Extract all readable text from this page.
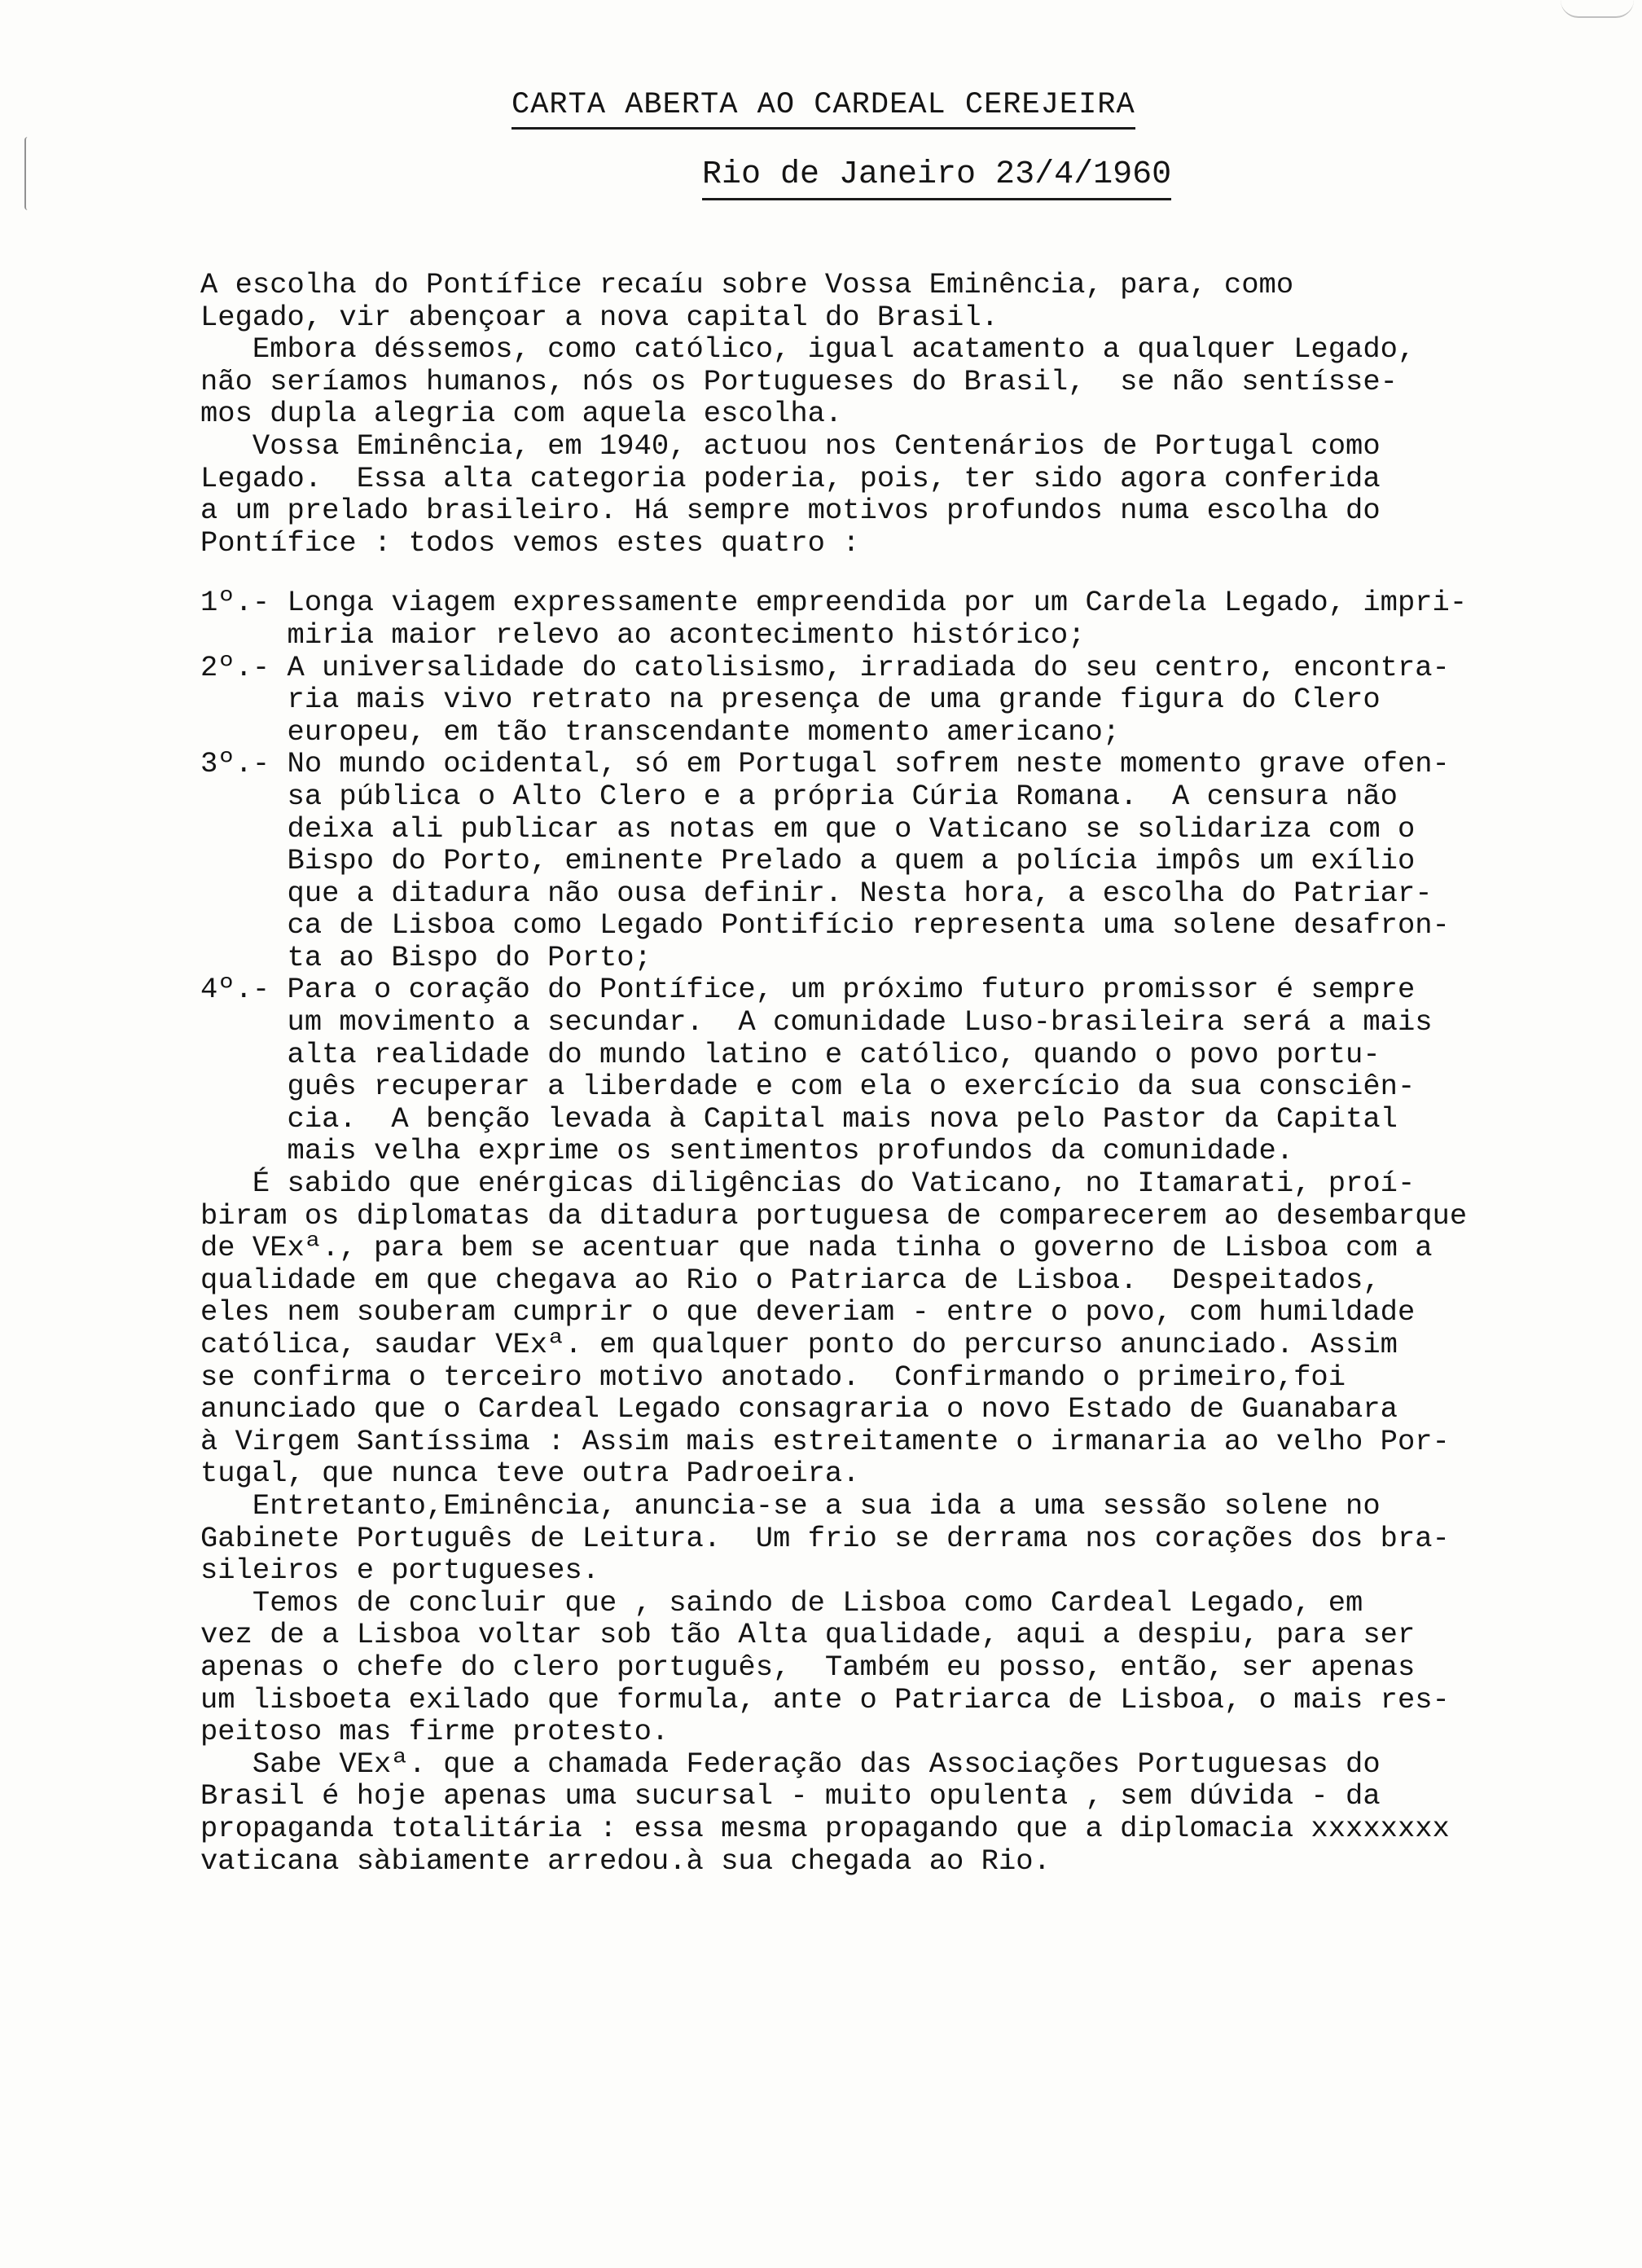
CARTA ABERTA AO CARDEAL CEREJEIRA
Rio de Janeiro 23/4/1960
A escolha do Pontífice recaíu sobre Vossa Eminência, para, como
Legado, vir abençoar a nova capital do Brasil.
Embora déssemos, como católico, igual acatamento a qualquer Legado,
não seríamos humanos, nós os Portugueses do Brasil,  se não sentísse-
mos dupla alegria com aquela escolha.
Vossa Eminência, em 1940, actuou nos Centenários de Portugal como
Legado.  Essa alta categoria poderia, pois, ter sido agora conferida
a um prelado brasileiro. Há sempre motivos profundos numa escolha do
Pontífice : todos vemos estes quatro :
1º.- Longa viagem expressamente empreendida por um Cardela Legado, impri-
miria maior relevo ao acontecimento histórico;
2º.- A universalidade do catolisismo, irradiada do seu centro, encontra-
ria mais vivo retrato na presença de uma grande figura do Clero
europeu, em tão transcendante momento americano;
3º.- No mundo ocidental, só em Portugal sofrem neste momento grave ofen-
sa pública o Alto Clero e a própria Cúria Romana.  A censura não
deixa ali publicar as notas em que o Vaticano se solidariza com o
Bispo do Porto, eminente Prelado a quem a polícia impôs um exílio
que a ditadura não ousa definir. Nesta hora, a escolha do Patriar-
ca de Lisboa como Legado Pontifício representa uma solene desafron-
ta ao Bispo do Porto;
4º.- Para o coração do Pontífice, um próximo futuro promissor é sempre
um movimento a secundar.  A comunidade Luso-brasileira será a mais
alta realidade do mundo latino e católico, quando o povo portu-
guês recuperar a liberdade e com ela o exercício da sua consciên-
cia.  A benção levada à Capital mais nova pelo Pastor da Capital
mais velha exprime os sentimentos profundos da comunidade.
É sabido que enérgicas diligências do Vaticano, no Itamarati, proí-
biram os diplomatas da ditadura portuguesa de comparecerem ao desembarque
de VExª., para bem se acentuar que nada tinha o governo de Lisboa com a
qualidade em que chegava ao Rio o Patriarca de Lisboa.  Despeitados,
eles nem souberam cumprir o que deveriam - entre o povo, com humildade
católica, saudar VExª. em qualquer ponto do percurso anunciado. Assim
se confirma o terceiro motivo anotado.  Confirmando o primeiro,foi
anunciado que o Cardeal Legado consagraria o novo Estado de Guanabara
à Virgem Santíssima : Assim mais estreitamente o irmanaria ao velho Por-
tugal, que nunca teve outra Padroeira.
Entretanto,Eminência, anuncia-se a sua ida a uma sessão solene no
Gabinete Português de Leitura.  Um frio se derrama nos corações dos bra-
sileiros e portugueses.
Temos de concluir que , saindo de Lisboa como Cardeal Legado, em
vez de a Lisboa voltar sob tão Alta qualidade, aqui a despiu, para ser
apenas o chefe do clero português,  Também eu posso, então, ser apenas
um lisboeta exilado que formula, ante o Patriarca de Lisboa, o mais res-
peitoso mas firme protesto.
Sabe VExª. que a chamada Federação das Associações Portuguesas do
Brasil é hoje apenas uma sucursal - muito opulenta , sem dúvida - da
propaganda totalitária : essa mesma propagando que a diplomacia xxxxxxxx
vaticana sàbiamente arredou.à sua chegada ao Rio.
